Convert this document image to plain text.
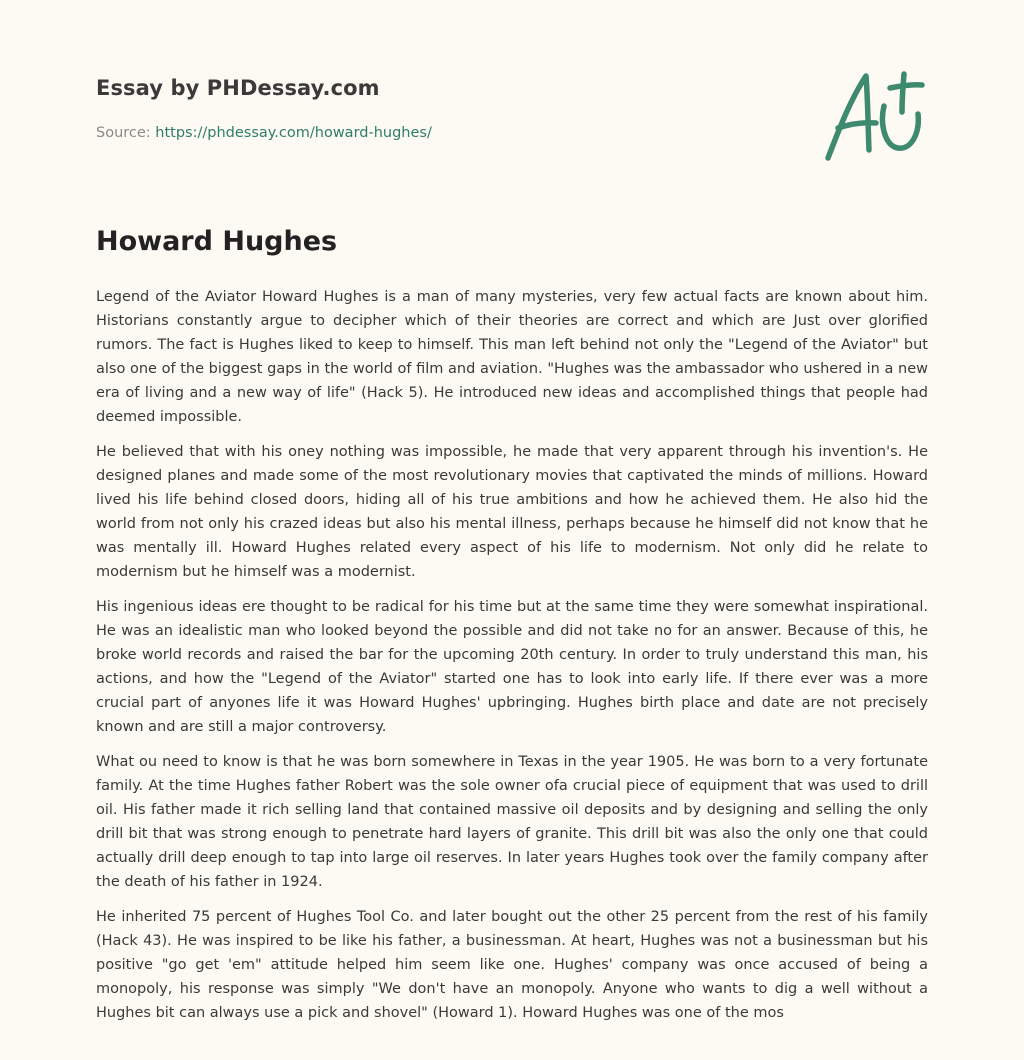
Essay by PHDessay.com
Source: https://phdessay.com/howard-hughes/
Howard Hughes

Legend of the Aviator Howard Hughes is a man of many mysteries, very few actual facts are known about him. Historians constantly argue to decipher which of their theories are correct and which are Just over glorified rumors. The fact is Hughes liked to keep to himself. This man left behind not only the "Legend of the Aviator" but also one of the biggest gaps in the world of film and aviation. "Hughes was the ambassador who ushered in a new era of living and a new way of life" (Hack 5). He introduced new ideas and accomplished things that people had deemed impossible.

He believed that with his oney nothing was impossible, he made that very apparent through his invention's. He designed planes and made some of the most revolutionary movies that captivated the minds of millions. Howard lived his life behind closed doors, hiding all of his true ambitions and how he achieved them. He also hid the world from not only his crazed ideas but also his mental illness, perhaps because he himself did not know that he was mentally ill. Howard Hughes related every aspect of his life to modernism. Not only did he relate to modernism but he himself was a modernist.

His ingenious ideas ere thought to be radical for his time but at the same time they were somewhat inspirational. He was an idealistic man who looked beyond the possible and did not take no for an answer. Because of this, he broke world records and raised the bar for the upcoming 20th century. In order to truly understand this man, his actions, and how the "Legend of the Aviator" started one has to look into early life. If there ever was a more crucial part of anyones life it was Howard Hughes' upbringing. Hughes birth place and date are not precisely known and are still a major controversy.

What ou need to know is that he was born somewhere in Texas in the year 1905. He was born to a very fortunate family. At the time Hughes father Robert was the sole owner ofa crucial piece of equipment that was used to drill oil. His father made it rich selling land that contained massive oil deposits and by designing and selling the only drill bit that was strong enough to penetrate hard layers of granite. This drill bit was also the only one that could actually drill deep enough to tap into large oil reserves. In later years Hughes took over the family company after the death of his father in 1924.

He inherited 75 percent of Hughes Tool Co. and later bought out the other 25 percent from the rest of his family (Hack 43). He was inspired to be like his father, a businessman. At heart, Hughes was not a businessman but his positive "go get 'em" attitude helped him seem like one. Hughes' company was once accused of being a monopoly, his response was simply "We don't have an monopoly. Anyone who wants to dig a well without a Hughes bit can always use a pick and shovel" (Howard 1). Howard Hughes was one of the mos
